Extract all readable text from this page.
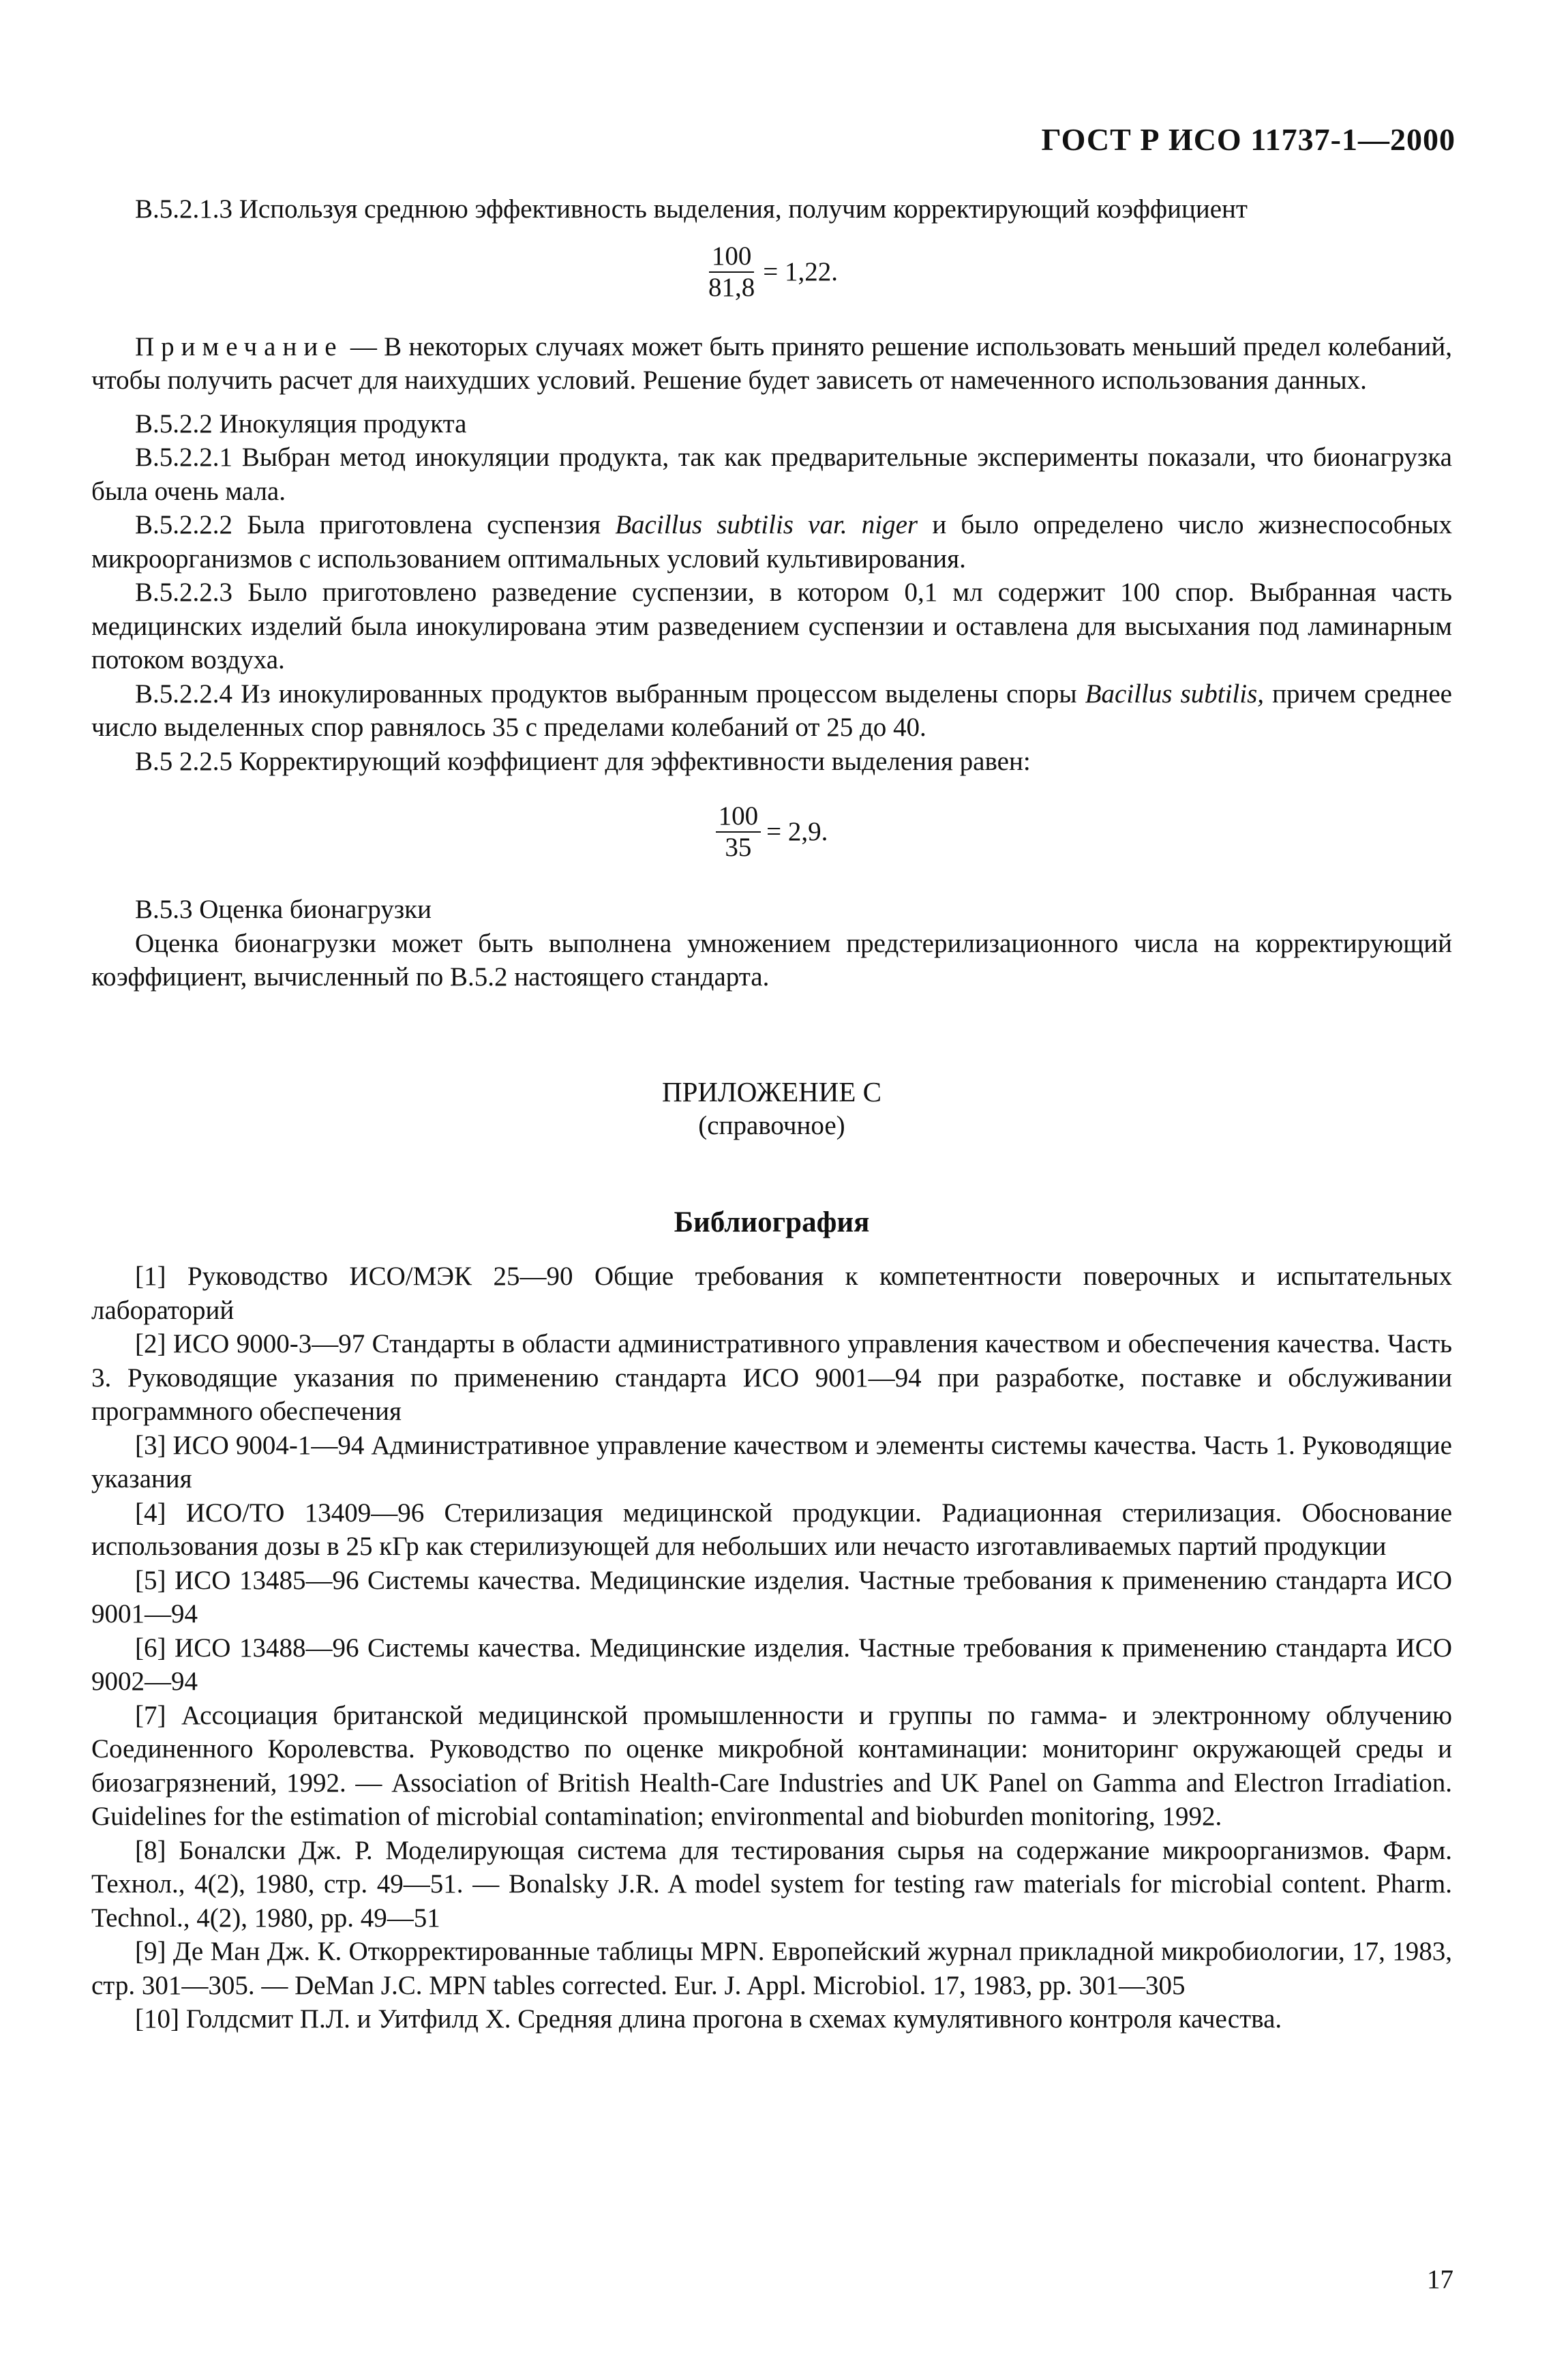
ГОСТ Р ИСО 11737-1—2000

В.5.2.1.3 Используя среднюю эффективность выделения, получим корректирующий коэффициент

$\frac{100}{81,8} = 1,22$.

Примечание — В некоторых случаях может быть принято решение использовать меньший предел колебаний, чтобы получить расчет для наихудших условий. Решение будет зависеть от намеченного использования данных.

В.5.2.2 Инокуляция продукта

В.5.2.2.1 Выбран метод инокуляции продукта, так как предварительные эксперименты показали, что бионагрузка была очень мала.

В.5.2.2.2 Была приготовлена суспензия Bacillus subtilis var. niger и было определено число жизнеспособных микроорганизмов с использованием оптимальных условий культивирования.

В.5.2.2.3 Было приготовлено разведение суспензии, в котором 0,1 мл содержит 100 спор. Выбранная часть медицинских изделий была инокулирована этим разведением суспензии и оставлена для высыхания под ламинарным потоком воздуха.

В.5.2.2.4 Из инокулированных продуктов выбранным процессом выделены споры Bacillus subtilis, причем среднее число выделенных спор равнялось 35 с пределами колебаний от 25 до 40.

В.5 2.2.5 Корректирующий коэффициент для эффективности выделения равен:

$\frac{100}{35} = 2,9$.

В.5.3 Оценка бионагрузки

Оценка бионагрузки может быть выполнена умножением предстерилизационного числа на корректирующий коэффициент, вычисленный по В.5.2 настоящего стандарта.

ПРИЛОЖЕНИЕ С

(справочное)

Библиография

[1] Руководство ИСО/МЭК 25—90 Общие требования к компетентности поверочных и испытательных лабораторий

[2] ИСО 9000-3—97 Стандарты в области административного управления качеством и обеспечения качества. Часть 3. Руководящие указания по применению стандарта ИСО 9001—94 при разработке, поставке и обслуживании программного обеспечения

[3] ИСО 9004-1—94 Административное управление качеством и элементы системы качества. Часть 1. Руководящие указания

[4] ИСО/ТО 13409—96 Стерилизация медицинской продукции. Радиационная стерилизация. Обоснование использования дозы в 25 кГр как стерилизующей для небольших или нечасто изготавливаемых партий продукции

[5] ИСО 13485—96 Системы качества. Медицинские изделия. Частные требования к применению стандарта ИСО 9001—94

[6] ИСО 13488—96 Системы качества. Медицинские изделия. Частные требования к применению стандарта ИСО 9002—94

[7] Ассоциация британской медицинской промышленности и группы по гамма- и электронному облучению Соединенного Королевства. Руководство по оценке микробной контаминации: мониторинг окружающей среды и биозагрязнений, 1992. — Association of British Health-Care Industries and UK Panel on Gamma and Electron Irradiation. Guidelines for the estimation of microbial contamination; environmental and bioburden monitoring, 1992.

[8] Боналски Дж. Р. Моделирующая система для тестирования сырья на содержание микроорганизмов. Фарм. Технол., 4(2), 1980, стр. 49—51. — Bonalsky J.R. A model system for testing raw materials for microbial content. Pharm. Technol., 4(2), 1980, pp. 49—51

[9] Де Ман Дж. К. Откорректированные таблицы MPN. Европейский журнал прикладной микробиологии, 17, 1983, стр. 301—305. — DeMan J.C. MPN tables corrected. Eur. J. Appl. Microbiol. 17, 1983, pp. 301—305

[10] Голдсмит П.Л. и Уитфилд Х. Средняя длина прогона в схемах кумулятивного контроля качества.

17
